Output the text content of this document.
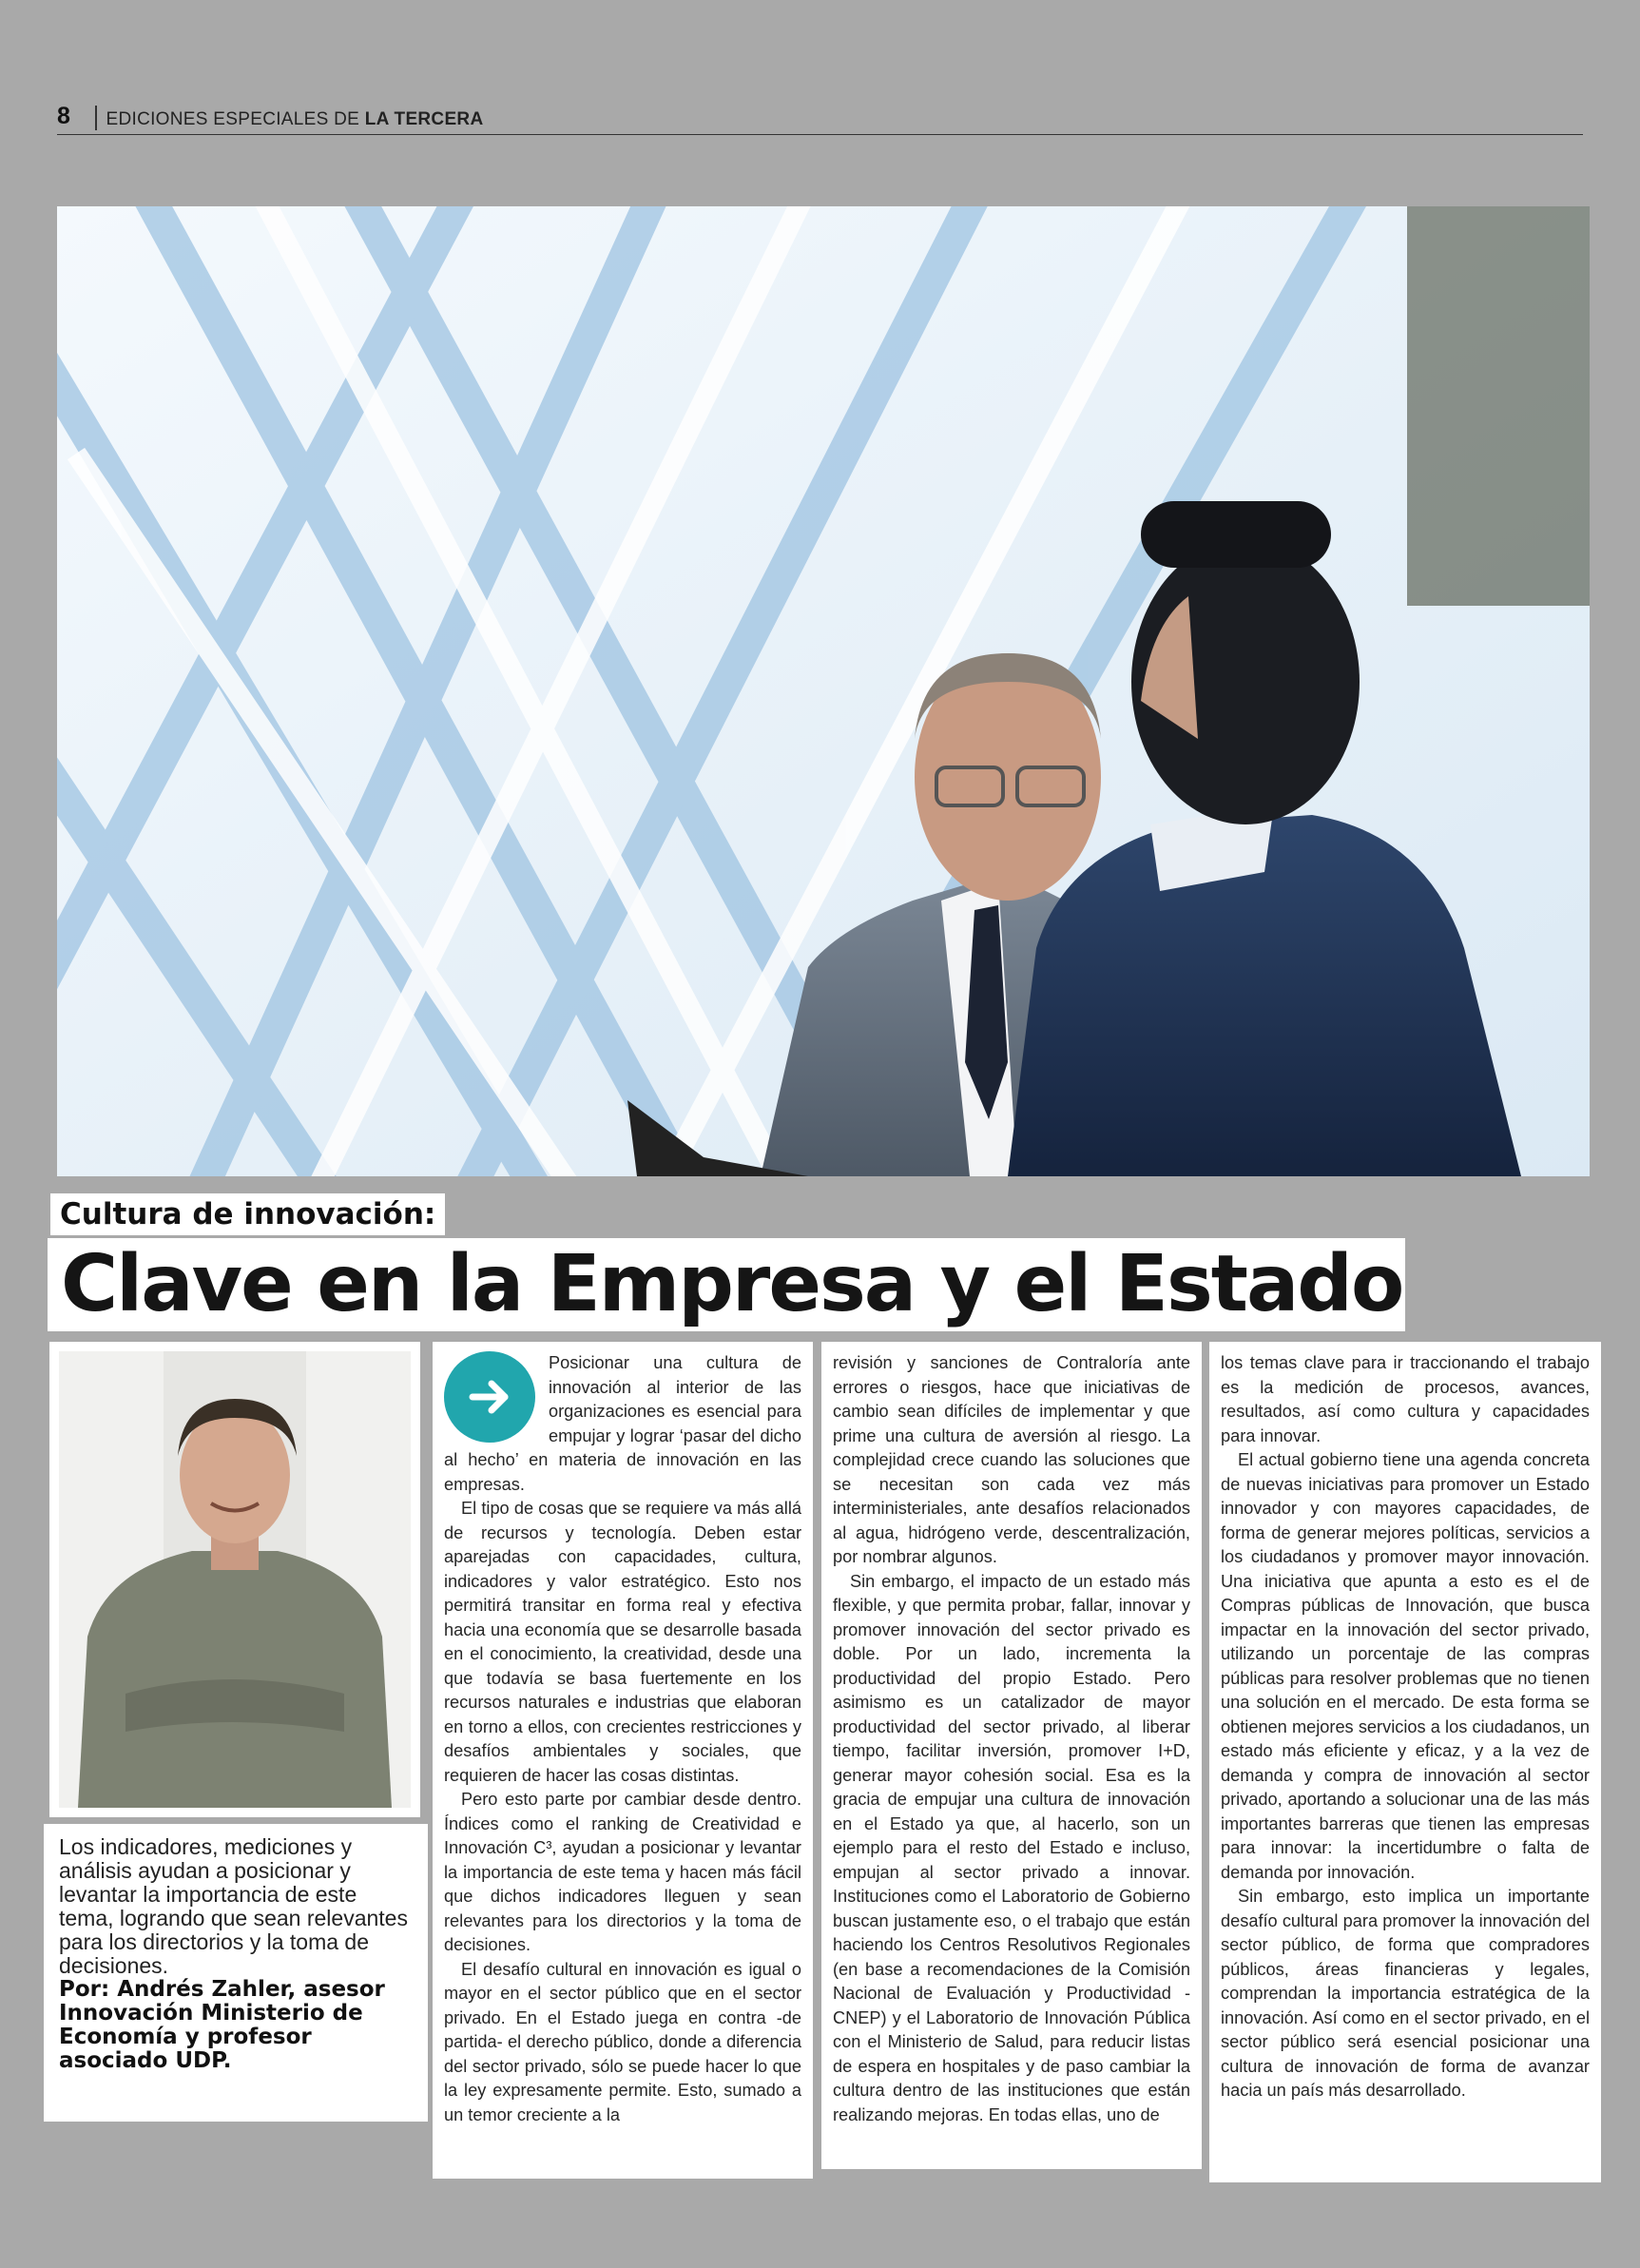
8	EDICIONES ESPECIALES DE LA TERCERA
Cultura de innovación:
Clave en la Empresa y el Estado
Los indicadores, mediciones y análisis ayudan a posicionar y levantar la importancia de este tema, logrando que sean relevantes para los directorios y la toma de decisiones.
Por: Andrés Zahler, asesor Innovación Ministerio de Economía y profesor asociado UDP.

Posicionar una cultura de innovación al interior de las organizaciones es esencial para empujar y lograr ‘pasar del dicho al hecho’ en materia de innovación en las empresas.

El tipo de cosas que se requiere va más allá de recursos y tecnología. Deben estar aparejadas con capacidades, cultura, indicadores y valor estratégico. Esto nos permitirá transitar en forma real y efectiva hacia una economía que se desarrolle basada en el conocimiento, la creatividad, desde una que todavía se basa fuertemente en los recursos naturales e industrias que elaboran en torno a ellos, con crecientes restricciones y desafíos ambientales y sociales, que requieren de hacer las cosas distintas.

Pero esto parte por cambiar desde dentro. Índices como el ranking de Creatividad e Innovación C³, ayudan a posicionar y levantar la importancia de este tema y hacen más fácil que dichos indicadores lleguen y sean relevantes para los directorios y la toma de decisiones.

El desafío cultural en innovación es igual o mayor en el sector público que en el sector privado. En el Estado juega en contra -de partida- el derecho público, donde a diferencia del sector privado, sólo se puede hacer lo que la ley expresamente permite. Esto, sumado a un temor creciente a la

revisión y sanciones de Contraloría ante errores o riesgos, hace que iniciativas de cambio sean difíciles de implementar y que prime una cultura de aversión al riesgo. La complejidad crece cuando las soluciones que se necesitan son cada vez más interministeriales, ante desafíos relacionados al agua, hidrógeno verde, descentralización, por nombrar algunos.

Sin embargo, el impacto de un estado más flexible, y que permita probar, fallar, innovar y promover innovación del sector privado es doble. Por un lado, incrementa la productividad del propio Estado. Pero asimismo es un catalizador de mayor productividad del sector privado, al liberar tiempo, facilitar inversión, promover I+D, generar mayor cohesión social. Esa es la gracia de empujar una cultura de innovación en el Estado ya que, al hacerlo, son un ejemplo para el resto del Estado e incluso, empujan al sector privado a innovar. Instituciones como el Laboratorio de Gobierno buscan justamente eso, o el trabajo que están haciendo los Centros Resolutivos Regionales (en base a recomendaciones de la Comisión Nacional de Evaluación y Productividad - CNEP) y el Laboratorio de Innovación Pública con el Ministerio de Salud, para reducir listas de espera en hospitales y de paso cambiar la cultura dentro de las instituciones que están realizando mejoras. En todas ellas, uno de

los temas clave para ir traccionando el trabajo es la medición de procesos, avances, resultados, así como cultura y capacidades para innovar.

El actual gobierno tiene una agenda concreta de nuevas iniciativas para promover un Estado innovador y con mayores capacidades, de forma de generar mejores políticas, servicios a los ciudadanos y promover mayor innovación. Una iniciativa que apunta a esto es el de Compras públicas de Innovación, que busca impactar en la innovación del sector privado, utilizando un porcentaje de las compras públicas para resolver problemas que no tienen una solución en el mercado. De esta forma se obtienen mejores servicios a los ciudadanos, un estado más eficiente y eficaz, y a la vez de demanda y compra de innovación al sector privado, aportando a solucionar una de las más importantes barreras que tienen las empresas para innovar: la incertidumbre o falta de demanda por innovación.

Sin embargo, esto implica un importante desafío cultural para promover la innovación del sector público, de forma que compradores públicos, áreas financieras y legales, comprendan la importancia estratégica de la innovación. Así como en el sector privado, en el sector público será esencial posicionar una cultura de innovación de forma de avanzar hacia un país más desarrollado.
